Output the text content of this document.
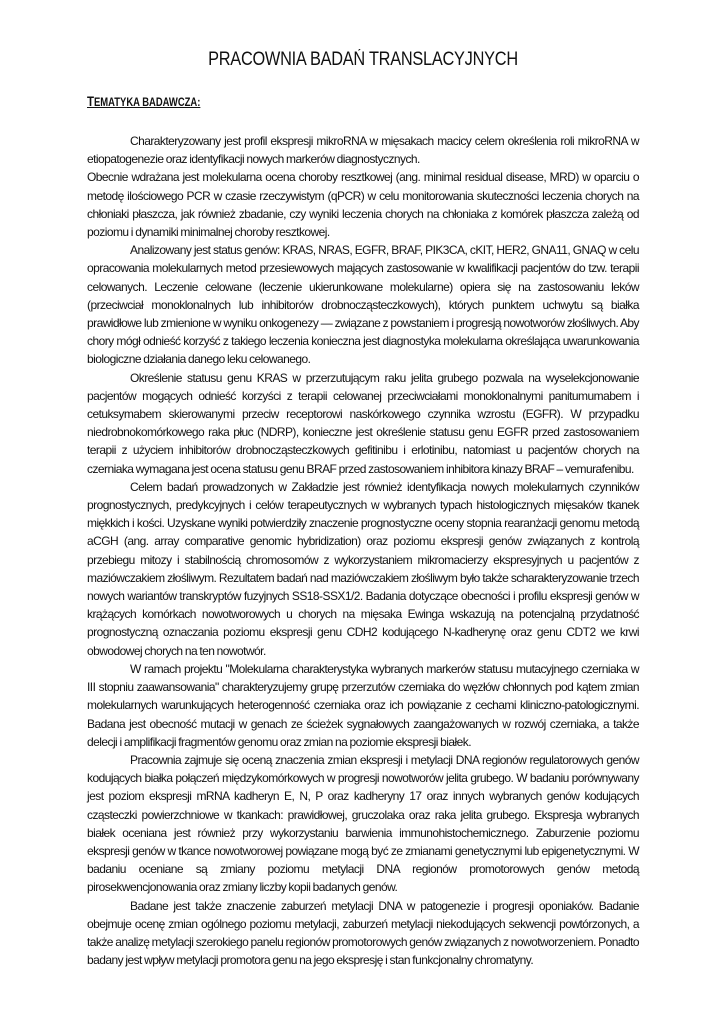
PRACOWNIA BADAŃ TRANSLACYJNYCH
TEMATYKA BADAWCZA:

Charakteryzowany jest profil ekspresji mikroRNA w mięsakach macicy celem określenia roli mikroRNA w etiopatogenezie oraz identyfikacji nowych markerów diagnostycznych.

Obecnie wdrażana jest molekularna ocena choroby resztkowej (ang. minimal residual disease, MRD) w oparciu o metodę ilościowego PCR w czasie rzeczywistym (qPCR) w celu monitorowania skuteczności leczenia chorych na chłoniaki płaszcza, jak również zbadanie, czy wyniki leczenia chorych na chłoniaka z komórek płaszcza zależą od poziomu i dynamiki minimalnej choroby resztkowej.

Analizowany jest status genów: KRAS, NRAS, EGFR, BRAF, PIK3CA, cKIT, HER2, GNA11, GNAQ w celu opracowania molekularnych metod przesiewowych mających zastosowanie w kwalifikacji pacjentów do tzw. terapii celowanych. Leczenie celowane (leczenie ukierunkowane molekularne) opiera się na zastosowaniu leków (przeciwciał monoklonalnych lub inhibitorów drobnocząsteczkowych), których punktem uchwytu są białka prawidłowe lub zmienione w wyniku onkogenezy — związane z powstaniem i progresją nowotworów złośliwych. Aby chory mógł odnieść korzyść z takiego leczenia konieczna jest diagnostyka molekularna określająca uwarunkowania biologiczne działania danego leku celowanego.

Określenie statusu genu KRAS w przerzutującym raku jelita grubego pozwala na wyselekcjonowanie pacjentów mogących odnieść korzyści z terapii celowanej przeciwciałami monoklonalnymi panitumumabem i cetuksymabem skierowanymi przeciw receptorowi naskórkowego czynnika wzrostu (EGFR). W przypadku niedrobnokomórkowego raka płuc (NDRP), konieczne jest określenie statusu genu EGFR przed zastosowaniem terapii z użyciem inhibitorów drobnocząsteczkowych gefitinibu i erlotinibu, natomiast u pacjentów chorych na czerniaka wymagana jest ocena statusu genu BRAF przed zastosowaniem inhibitora kinazy BRAF – vemurafenibu.

Celem badań prowadzonych w Zakładzie jest również identyfikacja nowych molekularnych czynników prognostycznych, predykcyjnych i celów terapeutycznych w wybranych typach histologicznych mięsaków tkanek miękkich i kości. Uzyskane wyniki potwierdziły znaczenie prognostyczne oceny stopnia rearanżacji genomu metodą aCGH (ang. array comparative genomic hybridization) oraz poziomu ekspresji genów związanych z kontrolą przebiegu mitozy i stabilnością chromosomów z wykorzystaniem mikromacierzy ekspresyjnych u pacjentów z maziówczakiem złośliwym. Rezultatem badań nad maziówczakiem złośliwym było także scharakteryzowanie trzech nowych wariantów transkryptów fuzyjnych SS18-SSX1/2. Badania dotyczące obecności i profilu ekspresji genów w krążących komórkach nowotworowych u chorych na mięsaka Ewinga wskazują na potencjalną przydatność prognostyczną oznaczania poziomu ekspresji genu CDH2 kodującego N-kadherynę oraz genu CDT2 we krwi obwodowej chorych na ten nowotwór.

W ramach projektu "Molekularna charakterystyka wybranych markerów statusu mutacyjnego czerniaka w III stopniu zaawansowania" charakteryzujemy grupę przerzutów czerniaka do węzłów chłonnych pod kątem zmian molekularnych warunkujących heterogenność czerniaka oraz ich powiązanie z cechami kliniczno-patologicznymi. Badana jest obecność mutacji w genach ze ścieżek sygnałowych zaangażowanych w rozwój czerniaka, a także delecji i amplifikacji fragmentów genomu oraz zmian na poziomie ekspresji białek.

Pracownia zajmuje się oceną znaczenia zmian ekspresji i metylacji DNA regionów regulatorowych genów kodujących białka połączeń międzykomórkowych w progresji nowotworów jelita grubego. W badaniu porównywany jest poziom ekspresji mRNA kadheryn E, N, P oraz kadheryny 17 oraz innych wybranych genów kodujących cząsteczki powierzchniowe w tkankach: prawidłowej, gruczolaka oraz raka jelita grubego. Ekspresja wybranych białek oceniana jest również przy wykorzystaniu barwienia immunohistochemicznego. Zaburzenie poziomu ekspresji genów w tkance nowotworowej powiązane mogą być ze zmianami genetycznymi lub epigenetycznymi. W badaniu oceniane są zmiany poziomu metylacji DNA regionów promotorowych genów metodą pirosekwencjonowania oraz zmiany liczby kopii badanych genów.

Badane jest także znaczenie zaburzeń metylacji DNA w patogenezie i progresji oponiaków. Badanie obejmuje ocenę zmian ogólnego poziomu metylacji, zaburzeń metylacji niekodujących sekwencji powtórzonych, a także analizę metylacji szerokiego panelu regionów promotorowych genów związanych z nowotworzeniem. Ponadto badany jest wpływ metylacji promotora genu na jego ekspresję i stan funkcjonalny chromatyny.
